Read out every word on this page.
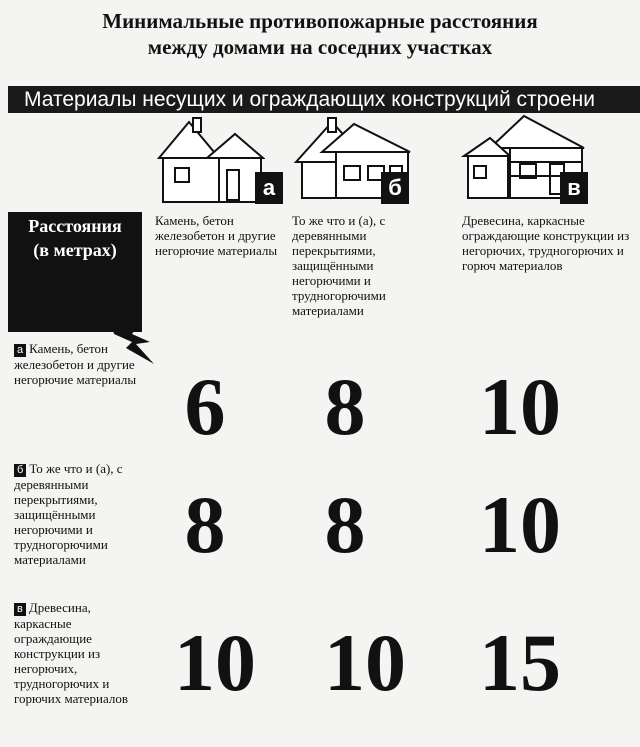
Минимальные противопожарные расстояния
между домами на соседних участках
Материалы несущих и ограждающих конструкций строени
а	б	в
Камень, бетон железобетон и другие негорючие материалы
То же что и (а), с деревянными перекрытиями, защищёнными негорючими и трудногорючими материалами
Древесина, каркасные ограждающие конструкции из негорючих, трудногорючих и горюч материалов
Расстояния
(в метрах)
а Камень, бетон железобетон и другие негорючие материалы
б То же что и (а), с деревянными перекрытиями, защищёнными негорючими и трудногорючими материалами
в Древесина, каркасные ограждающие конструкции из негорючих, трудногорючих и горючих материалов
6	8	10
8	8	10
10 10 15
